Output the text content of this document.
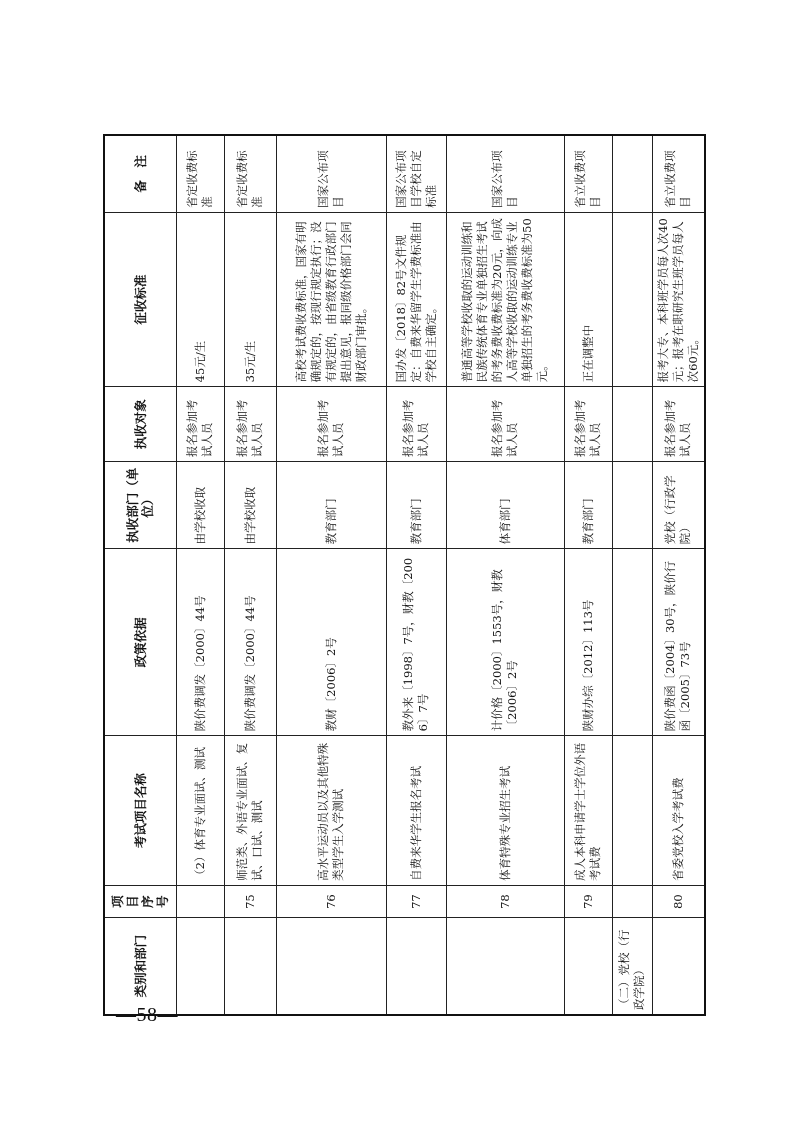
—58—
类别和部门	项目序号	考试项目名称	政策依据	执收部门（单位）	执收对象	征收标准	备　注
		（2）体育专业面试、测试	陕价费调发〔2000〕44号	由学校收取	报名参加考试人员	45元/生	省定收费标准
	75	师范类、外语专业面试、复试、口试、测试	陕价费调发〔2000〕44号	由学校收取	报名参加考试人员	35元/生	省定收费标准
	76	高水平运动员以及其他特殊类型学生入学测试	教财〔2006〕2号	教育部门	报名参加考试人员	高校考试费收费标准，国家有明确规定的，按现行规定执行；没有规定的，由省级教育行政部门提出意见，报同级价格部门会同财政部门审批。	国家公布项目
	77	自费来华学生报名考试	教外来〔1998〕7号，财教〔2006〕7号	教育部门	报名参加考试人员	国办发〔2018〕82号文件规定：自费来华留学生学费标准由学校自主确定。	国家公布项目学校自定标准
	78	体育特殊专业招生考试	计价格〔2000〕1553号，财教〔2006〕2号	体育部门	报名参加考试人员	普通高等学校收取的运动训练和民族传统体育专业单独招生考试的考务费收费标准为20元，向成人高等学校收取的运动训练专业单独招生的考务费收费标准为50元。	国家公布项目
	79	成人本科申请学士学位外语考试费	陕财办综〔2012〕113号	教育部门	报名参加考试人员	正在调整中	省立收费项目
（二）党校（行政学院）							
	80	省委党校入学考试费	陕价费函〔2004〕30号，陕价行函〔2005〕73号	党校（行政学院）	报名参加考试人员	报考大专、本科班学员每人次40元；报考在职研究生班学员每人次60元。	省立收费项目
